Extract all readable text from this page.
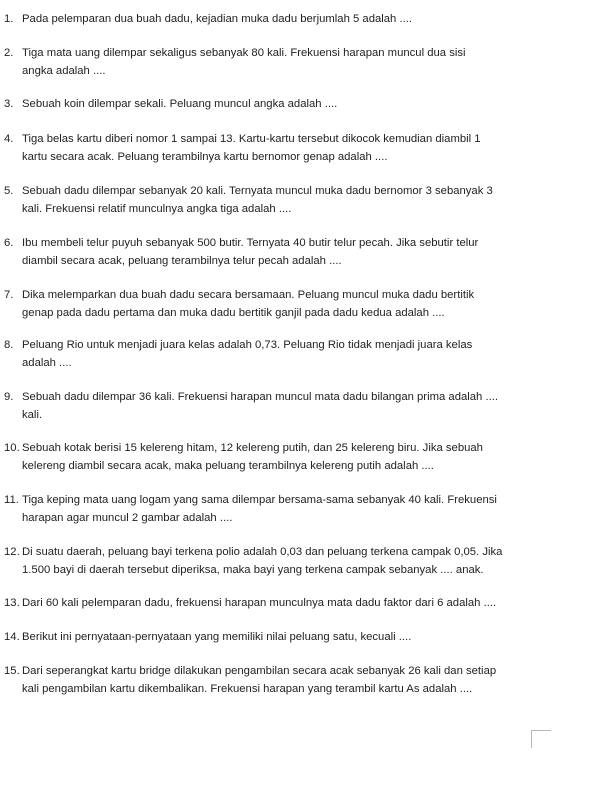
1. Pada pelemparan dua buah dadu, kejadian muka dadu berjumlah 5 adalah ....
2. Tiga mata uang dilempar sekaligus sebanyak 80 kali. Frekuensi harapan muncul dua sisi
angka adalah ....
3. Sebuah koin dilempar sekali. Peluang muncul angka adalah ....
4. Tiga belas kartu diberi nomor 1 sampai 13. Kartu-kartu tersebut dikocok kemudian diambil 1
kartu secara acak. Peluang terambilnya kartu bernomor genap adalah ....
5. Sebuah dadu dilempar sebanyak 20 kali. Ternyata muncul muka dadu bernomor 3 sebanyak 3
kali. Frekuensi relatif munculnya angka tiga adalah ....
6. Ibu membeli telur puyuh sebanyak 500 butir. Ternyata 40 butir telur pecah. Jika sebutir telur
diambil secara acak, peluang terambilnya telur pecah adalah ....
7. Dika melemparkan dua buah dadu secara bersamaan. Peluang muncul muka dadu bertitik
genap pada dadu pertama dan muka dadu bertitik ganjil pada dadu kedua adalah ....
8. Peluang Rio untuk menjadi juara kelas adalah 0,73. Peluang Rio tidak menjadi juara kelas
adalah ....
9. Sebuah dadu dilempar 36 kali. Frekuensi harapan muncul mata dadu bilangan prima adalah ....
kali.
10. Sebuah kotak berisi 15 kelereng hitam, 12 kelereng putih, dan 25 kelereng biru. Jika sebuah
kelereng diambil secara acak, maka peluang terambilnya kelereng putih adalah ....
11. Tiga keping mata uang logam yang sama dilempar bersama-sama sebanyak 40 kali. Frekuensi
harapan agar muncul 2 gambar adalah ....
12. Di suatu daerah, peluang bayi terkena polio adalah 0,03 dan peluang terkena campak 0,05. Jika
1.500 bayi di daerah tersebut diperiksa, maka bayi yang terkena campak sebanyak .... anak.
13. Dari 60 kali pelemparan dadu, frekuensi harapan munculnya mata dadu faktor dari 6 adalah ....
14. Berikut ini pernyataan-pernyataan yang memiliki nilai peluang satu, kecuali ....
15. Dari seperangkat kartu bridge dilakukan pengambilan secara acak sebanyak 26 kali dan setiap
kali pengambilan kartu dikembalikan. Frekuensi harapan yang terambil kartu As adalah ....
